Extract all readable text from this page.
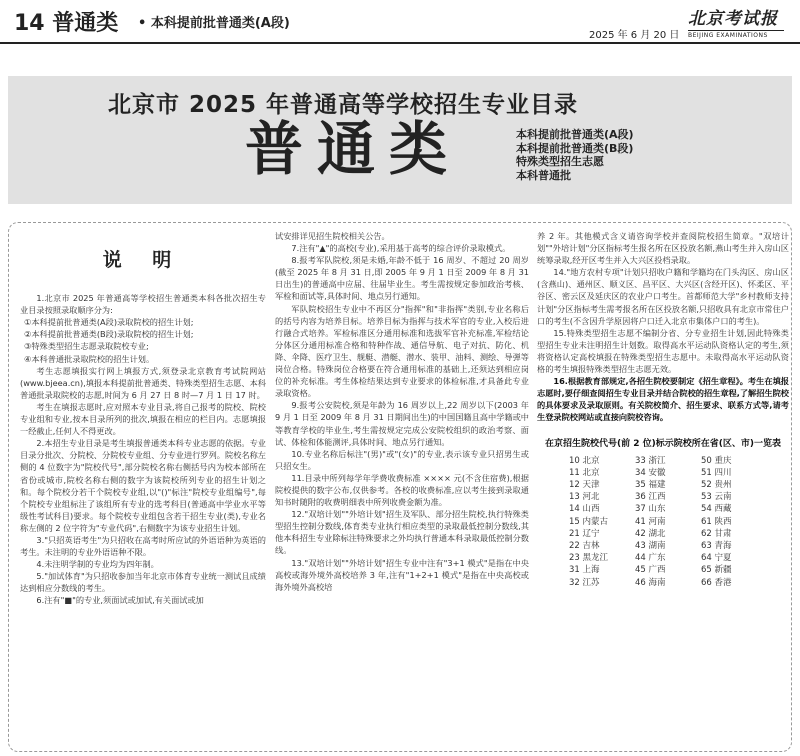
14 普通类 • 本科提前批普通类(A段)
2025 年 6 月 20 日
北京考试报
BEIJING EXAMINATIONS
北京市 2025 年普通高等学校招生专业目录
普通类	本科提前批普通类(A段)
本科提前批普通类(B段)
特殊类型招生志愿
本科普通批
说 明

1.北京市 2025 年普通高等学校招生普通类本科各批次招生专业目录按照录取顺序分为:

①本科提前批普通类(A段)录取院校的招生计划;

②本科提前批普通类(B段)录取院校的招生计划;

③特殊类型招生志愿录取院校专业;

④本科普通批录取院校的招生计划。

考生志愿填报实行网上填报方式,须登录北京教育考试院网站(www.bjeea.cn),填报本科提前批普通类、特殊类型招生志愿、本科普通批录取院校的志愿,时间为 6 月 27 日 8 时—7 月 1 日 17 时。

考生在填报志愿时,应对照本专业目录,将自己报考的院校、院校专业组和专业,按本目录所列的批次,填报在相应的栏目内。志愿填报一经截止,任何人不得更改。

2.本招生专业目录是考生填报普通类本科专业志愿的依据。专业目录分批次、分院校、分院校专业组、分专业进行罗列。院校名称左侧的 4 位数字为"院校代号",部分院校名称右侧括号内为校本部所在省份或城市,院校名称右侧的数字为该院校所列专业的招生计划之和。每个院校分若干个院校专业组,以"()"标注"院校专业组编号",每个院校专业组标注了该组所有专业的选考科目(普通高中学业水平等级性考试科目)要求。每个院校专业组包含若干招生专业(类),专业名称左侧的 2 位字符为"专业代码",右侧数字为该专业招生计划。

3."只招英语考生"为只招收在高考时所应试的外语语种为英语的考生。未注明的专业外语语种不限。

4.未注明学制的专业均为四年制。

5."加试体育"为只招收参加当年北京市体育专业统一测试且成绩达到相应分数线的考生。

6.注有"■"的专业,须面试或加试,有关面试或加

试安排详见招生院校相关公告。

7.注有"▲"的高校(专业),采用基于高考的综合评价录取模式。

8.报考军队院校,须是未婚,年龄不低于 16 周岁、不超过 20 周岁(截至 2025 年 8 月 31 日,即 2005 年 9 月 1 日至 2009 年 8 月 31 日出生)的普通高中应届、往届毕业生。考生需按规定参加政治考核、军检和面试等,具体时间、地点另行通知。

军队院校招生专业中不再区分"指挥"和"非指挥"类别,专业名称后的括号内容为培养目标。培养目标为指挥与技术军官的专业,入校后进行融合式培养。军检标准区分通用标准和选拔军官补充标准,军检结论分体区分通用标准合格和特种作战、通信导航、电子对抗、防化、机降、伞降、医疗卫生、舰艇、潜艇、潜水、装甲、油料、测绘、导弹等岗位合格。特殊岗位合格要在符合通用标准的基础上,还须达到相应岗位的补充标准。考生体检结果达到专业要求的体检标准,才具备此专业录取资格。

9.报考公安院校,须是年龄为 16 周岁以上,22 周岁以下(2003 年 9 月 1 日至 2009 年 8 月 31 日期间出生)的中国国籍且高中学籍或中等教育学校的毕业生,考生需按规定完成公安院校组织的政治考察、面试、体检和体能测评,具体时间、地点另行通知。

10.专业名称后标注"(男)"或"(女)"的专业,表示该专业只招男生或只招女生。

11.目录中所列每学年学费收费标准 ×××× 元(不含住宿费),根据院校提供的数字公布,仅供参考。各校的收费标准,应以考生接到录取通知书时随附的收费明细表中所列收费金额为准。

12."双培计划""外培计划"招生及军队、部分招生院校,执行特殊类型招生控制分数线,体育类专业执行相应类型的录取最低控制分数线,其他本科招生专业除标注特殊要求之外均执行普通本科录取最低控制分数线。

13."双培计划""外培计划"招生专业中注有"3+1 模式"是指在中央高校或海外境外高校培养 3 年,注有"1+2+1 模式"是指在中央高校或海外境外高校培

养 2 年。其他模式含义请咨询学校并查阅院校招生简章。"双培计划""外培计划"分区指标考生报名所在区投放名额,燕山考生并入房山区统筹录取,经开区考生并入大兴区投档录取。

14."地方农村专项"计划只招收户籍和学籍均在门头沟区、房山区(含燕山)、通州区、顺义区、昌平区、大兴区(含经开区)、怀柔区、平谷区、密云区及延庆区的农业户口考生。首都师范大学"乡村教师支持计划"分区指标考生需考报名所在区投放名额,只招收具有北京市常住户口的考生(不含因升学原因将户口迁入北京市集体户口的考生)。

15.特殊类型招生志愿不编制分省、分专业招生计划,因此特殊类型招生专业未注明招生计划数。取得高水平运动队资格认定的考生,须将资格认定高校填报在特殊类型招生志愿中。未取得高水平运动队资格的考生填报特殊类型招生志愿无效。

16.根据教育部规定,各招生院校要制定《招生章程》。考生在填报志愿时,要仔细查阅招生专业目录并结合院校的招生章程,了解招生院校的具体要求及录取原则。有关院校简介、招生要求、联系方式等,请考生登录院校网站或直接向院校咨询。

在京招生院校代号(前 2 位)标示院校所在省(区、市)一览表
10 北京	33 浙江	50 重庆
11 北京	34 安徽	51 四川
12 天津	35 福建	52 贵州
13 河北	36 江西	53 云南
14 山西	37 山东	54 西藏
15 内蒙古	41 河南	61 陕西
21 辽宁	42 湖北	62 甘肃
22 吉林	43 湖南	63 青海
23 黑龙江	44 广东	64 宁夏
31 上海	45 广西	65 新疆
32 江苏	46 海南	66 香港
